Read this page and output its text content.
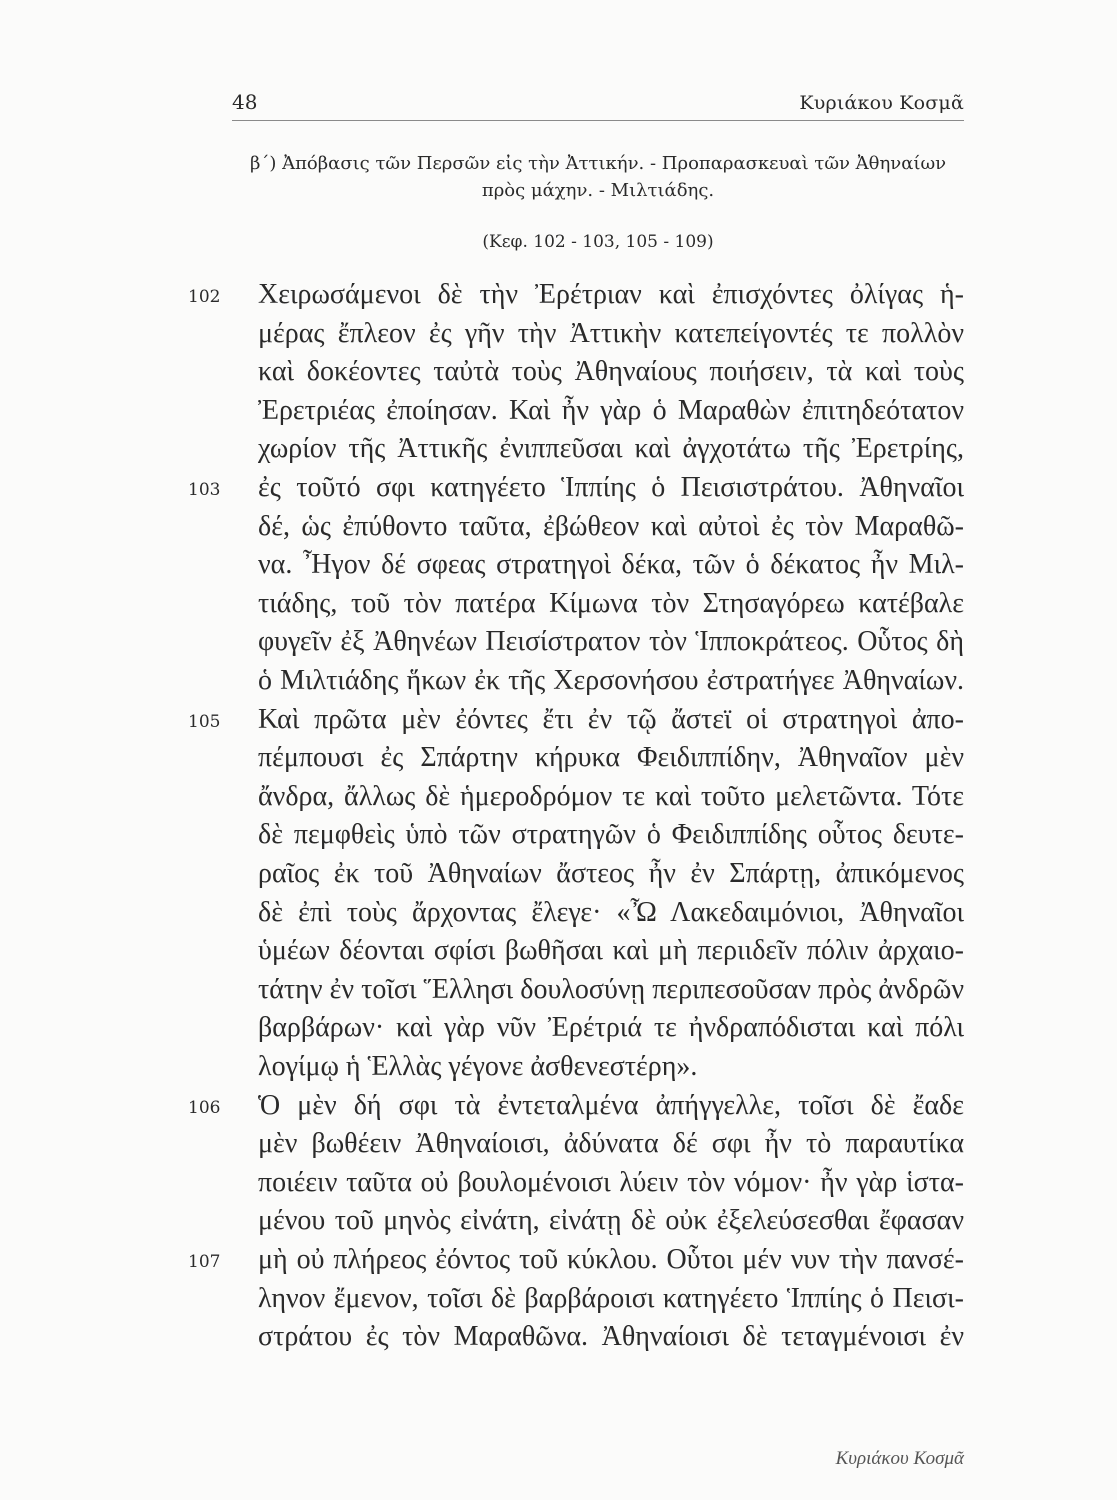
48	Κυριάκου Κοσμᾶ
β΄) Ἀπόβασις τῶν Περσῶν εἰς τὴν Ἀττικήν. - Προπαρασκευαὶ τῶν Ἀθηναίων
πρὸς μάχην. - Μιλτιάδης.
(Κεφ. 102 - 103, 105 - 109)
Χειρωσάμενοι δὲ τὴν Ἐρέτριαν καὶ ἐπισχόντες ὀλίγας ἡ-
102
μέρας ἔπλεον ἐς γῆν τὴν Ἀττικὴν κατεπείγοντές τε πολλὸν
καὶ δοκέοντες ταὐτὰ τοὺς Ἀθηναίους ποιήσειν, τὰ καὶ τοὺς
Ἐρετριέας ἐποίησαν. Καὶ ἦν γὰρ ὁ Μαραθὼν ἐπιτηδεότατον
χωρίον τῆς Ἀττικῆς ἐνιππεῦσαι καὶ ἀγχοτάτω τῆς Ἐρετρίης,
ἐς τοῦτό σφι κατηγέετο Ἱππίης ὁ Πεισιστράτου. Ἀθηναῖοι
103
δέ, ὡς ἐπύθοντο ταῦτα, ἐβώθεον καὶ αὐτοὶ ἐς τὸν Μαραθῶ-
να. Ἦγον δέ σφεας στρατηγοὶ δέκα, τῶν ὁ δέκατος ἦν Μιλ-
τιάδης, τοῦ τὸν πατέρα Κίμωνα τὸν Στησαγόρεω κατέβαλε
φυγεῖν ἐξ Ἀθηνέων Πεισίστρατον τὸν Ἱπποκράτεος. Οὗτος δὴ
ὁ Μιλτιάδης ἥκων ἐκ τῆς Χερσονήσου ἐστρατήγεε Ἀθηναίων.
Καὶ πρῶτα μὲν ἐόντες ἔτι ἐν τῷ ἄστεϊ οἱ στρατηγοὶ ἀπο-
105
πέμπουσι ἐς Σπάρτην κήρυκα Φειδιππίδην, Ἀθηναῖον μὲν
ἄνδρα, ἄλλως δὲ ἡμεροδρόμον τε καὶ τοῦτο μελετῶντα. Τότε
δὲ πεμφθεὶς ὑπὸ τῶν στρατηγῶν ὁ Φειδιππίδης οὗτος δευτε-
ραῖος ἐκ τοῦ Ἀθηναίων ἄστεος ἦν ἐν Σπάρτῃ, ἀπικόμενος
δὲ ἐπὶ τοὺς ἄρχοντας ἔλεγε· «Ὦ Λακεδαιμόνιοι, Ἀθηναῖοι
ὑμέων δέονται σφίσι βωθῆσαι καὶ μὴ περιιδεῖν πόλιν ἀρχαιο-
τάτην ἐν τοῖσι Ἕλλησι δουλοσύνῃ περιπεσοῦσαν πρὸς ἀνδρῶν
βαρβάρων· καὶ γὰρ νῦν Ἐρέτριά τε ἠνδραπόδισται καὶ πόλι
λογίμῳ ἡ Ἑλλὰς γέγονε ἀσθενεστέρη».
Ὁ μὲν δή σφι τὰ ἐντεταλμένα ἀπήγγελλε, τοῖσι δὲ ἔαδε
106
μὲν βωθέειν Ἀθηναίοισι, ἀδύνατα δέ σφι ἦν τὸ παραυτίκα
ποιέειν ταῦτα οὐ βουλομένοισι λύειν τὸν νόμον· ἦν γὰρ ἱστα-
μένου τοῦ μηνὸς εἰνάτη, εἰνάτῃ δὲ οὐκ ἐξελεύσεσθαι ἔφασαν
μὴ οὐ πλήρεος ἐόντος τοῦ κύκλου. Οὗτοι μέν νυν τὴν πανσέ-
107
ληνον ἔμενον, τοῖσι δὲ βαρβάροισι κατηγέετο Ἱππίης ὁ Πεισι-
στράτου ἐς τὸν Μαραθῶνα. Ἀθηναίοισι δὲ τεταγμένοισι ἐν
Κυριάκου Κοσμᾶ
